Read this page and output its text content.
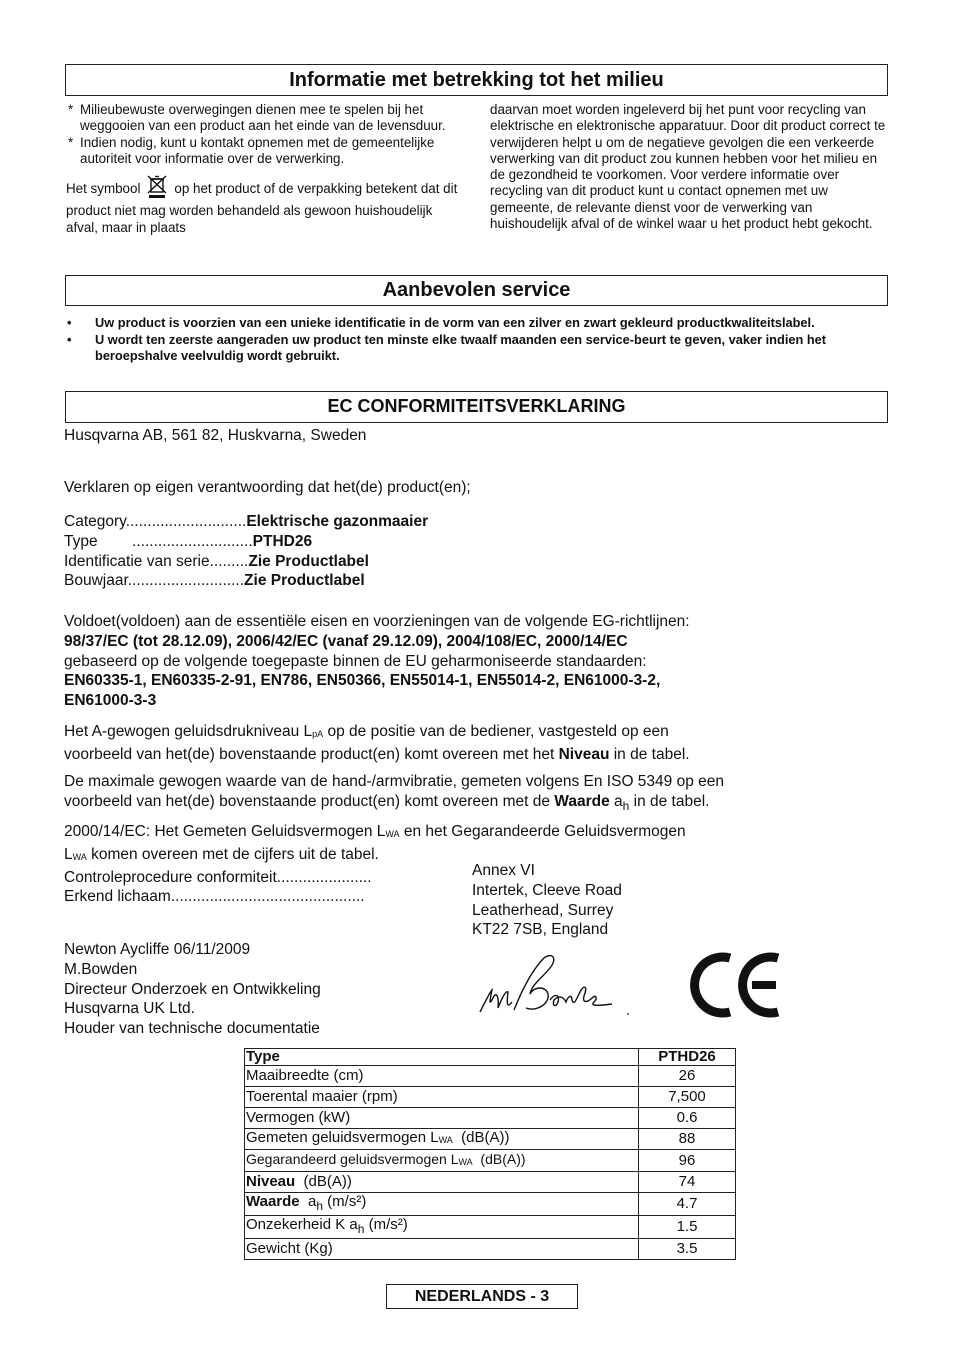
Informatie met betrekking tot het milieu

* Milieubewuste overwegingen dienen mee te spelen bij het weggooien van een product aan het einde van de levensduur.

* Indien nodig, kunt u kontakt opnemen met de gemeentelijke autoriteit voor informatie over de verwerking.

Het symbool	op het product of de verpakking betekent dat dit product niet mag worden behandeld als gewoon huishoudelijk afval, maar in plaats

daarvan moet worden ingeleverd bij het punt voor recycling van elektrische en elektronische apparatuur. Door dit product correct te verwijderen helpt u om de negatieve gevolgen die een verkeerde verwerking van dit product zou kunnen hebben voor het milieu en de gezondheid te voorkomen. Voor verdere informatie over recycling van dit product kunt u contact opnemen met uw gemeente, de relevante dienst voor de verwerking van huishoudelijk afval of de winkel waar u het product hebt gekocht.

Aanbevolen service
• Uw product is voorzien van een unieke identificatie in de vorm van een zilver en zwart gekleurd productkwaliteitslabel.
• U wordt ten zeerste aangeraden uw product ten minste elke twaalf maanden een service-beurt te geven, vaker indien het beroepshalve veelvuldig wordt gebruikt.
EC CONFORMITEITSVERKLARING
Husqvarna AB, 561 82, Huskvarna, Sweden
Verklaren op eigen verantwoording dat het(de) product(en);
Category............................Elektrische gazonmaaier
Type        ............................PTHD26
Identificatie van serie.........Zie Productlabel
Bouwjaar...........................Zie Productlabel
Voldoet(voldoen) aan de essentiële eisen en voorzieningen van de volgende EG-richtlijnen:
98/37/EC (tot 28.12.09), 2006/42/EC (vanaf 29.12.09), 2004/108/EC, 2000/14/EC
gebaseerd op de volgende toegepaste binnen de EU geharmoniseerde standaarden:
EN60335-1, EN60335-2-91, EN786, EN50366, EN55014-1, EN55014-2, EN61000-3-2,
EN61000-3-3
Het A-gewogen geluidsdrukniveau $L_{pA}$ op de positie van de bediener, vastgesteld op een
voorbeeld van het(de) bovenstaande product(en) komt overeen met het Niveau in de tabel.
De maximale gewogen waarde van de hand-/armvibratie, gemeten volgens En ISO 5349 op een
voorbeeld van het(de) bovenstaande product(en) komt overeen met de Waarde $a_h$ in de tabel.
2000/14/EC: Het Gemeten Geluidsvermogen $L_{WA}$ en het Gegarandeerde Geluidsvermogen
$L_{WA}$ komen overeen met de cijfers uit de tabel.
Controleprocedure conformiteit......................
Erkend lichaam.............................................
Annex VI
Intertek, Cleeve Road
Leatherhead, Surrey
KT22 7SB, England
Newton Aycliffe 06/11/2009
M.Bowden
Directeur Onderzoek en Ontwikkeling
Husqvarna UK Ltd.
Houder van technische documentatie
Type	PTHD26
Maaibreedte (cm)	26
Toerental maaier (rpm)	7,500
Vermogen (kW)	0.6
Gemeten geluidsvermogen $L_{WA}$  (dB(A))	88
Gegarandeerd geluidsvermogen $L_{WA}$  (dB(A))	96
Niveau  (dB(A))	74
Waarde  $a_h$ (m/s²)	4.7
Onzekerheid K $a_h$ (m/s²)	1.5
Gewicht (Kg)	3.5
NEDERLANDS - 3
